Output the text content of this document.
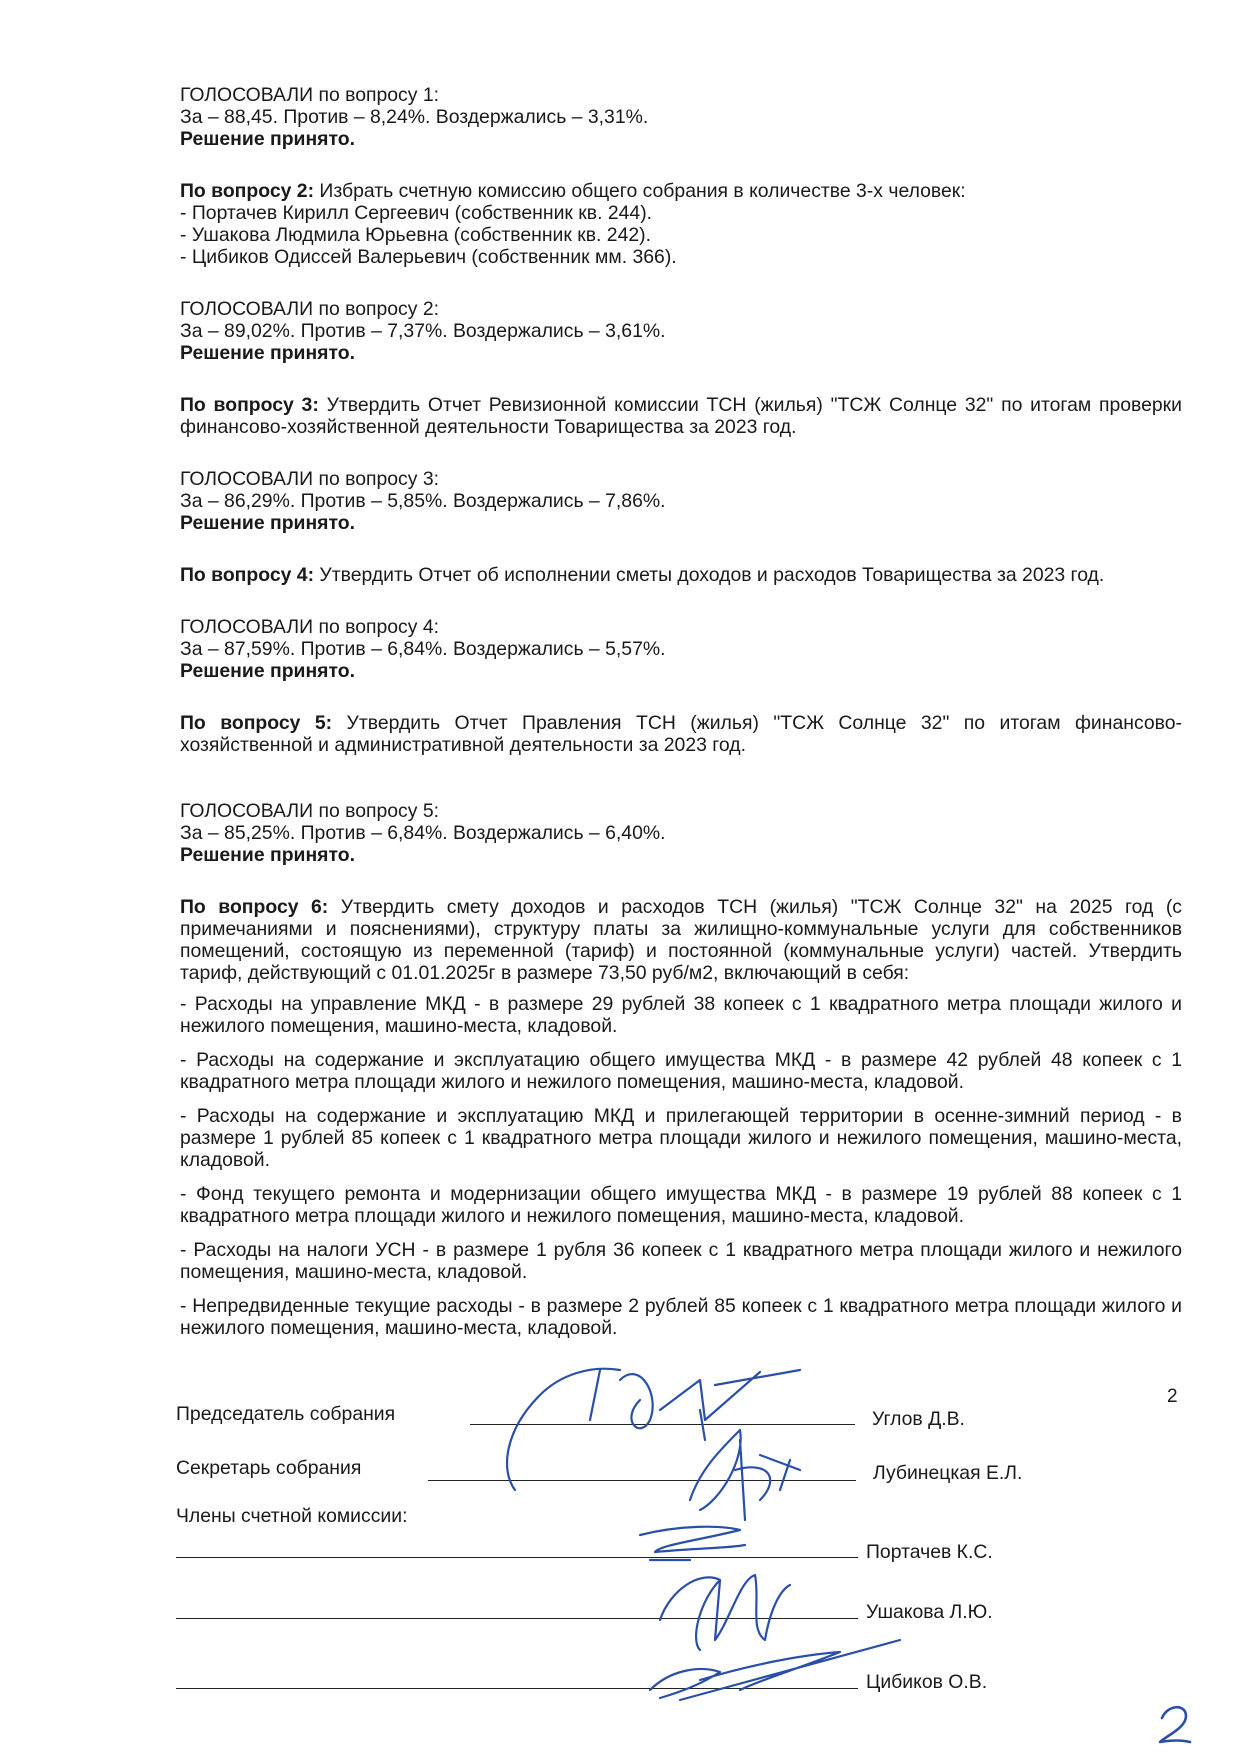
ГОЛОСОВАЛИ по вопросу 1:
За – 88,45. Против – 8,24%. Воздержались – 3,31%.
Решение принято.
По вопросу 2: Избрать счетную комиссию общего собрания в количестве 3-х человек:
- Портачев Кирилл Сергеевич (собственник кв. 244).
- Ушакова Людмила Юрьевна (собственник кв. 242).
- Цибиков Одиссей Валерьевич (собственник мм. 366).
ГОЛОСОВАЛИ по вопросу 2:
За – 89,02%. Против – 7,37%. Воздержались – 3,61%.
Решение принято.
По вопросу 3: Утвердить Отчет Ревизионной комиссии ТСН (жилья) "ТСЖ Солнце 32" по итогам проверки финансово-хозяйственной деятельности Товарищества за 2023 год.
ГОЛОСОВАЛИ по вопросу 3:
За – 86,29%. Против – 5,85%. Воздержались – 7,86%.
Решение принято.
По вопросу 4: Утвердить Отчет об исполнении сметы доходов и расходов Товарищества за 2023 год.
ГОЛОСОВАЛИ по вопросу 4:
За – 87,59%. Против – 6,84%. Воздержались – 5,57%.
Решение принято.
По вопросу 5: Утвердить Отчет Правления ТСН (жилья) "ТСЖ Солнце 32" по итогам финансово-хозяйственной и административной деятельности за 2023 год.
ГОЛОСОВАЛИ по вопросу 5:
За – 85,25%. Против – 6,84%. Воздержались – 6,40%.
Решение принято.
По вопросу 6: Утвердить смету доходов и расходов ТСН (жилья) "ТСЖ Солнце 32" на 2025 год (с примечаниями и пояснениями), структуру платы за жилищно-коммунальные услуги для собственников помещений, состоящую из переменной (тариф) и постоянной (коммунальные услуги) частей. Утвердить тариф, действующий с 01.01.2025г в размере 73,50 руб/м2, включающий в себя:
- Расходы на управление МКД - в размере 29 рублей 38 копеек с 1 квадратного метра площади жилого и нежилого помещения, машино-места, кладовой.
- Расходы на содержание и эксплуатацию общего имущества МКД - в размере 42 рублей 48 копеек с 1 квадратного метра площади жилого и нежилого помещения, машино-места, кладовой.
- Расходы на содержание и эксплуатацию МКД и прилегающей территории в осенне-зимний период - в размере 1 рублей 85 копеек с 1 квадратного метра площади жилого и нежилого помещения, машино-места, кладовой.
- Фонд текущего ремонта и модернизации общего имущества МКД - в размере 19 рублей 88 копеек с 1 квадратного метра площади жилого и нежилого помещения, машино-места, кладовой.
- Расходы на налоги УСН - в размере 1 рубля 36 копеек с 1 квадратного метра площади жилого и нежилого помещения, машино-места, кладовой.
- Непредвиденные текущие расходы - в размере 2 рублей 85 копеек с 1 квадратного метра площади жилого и нежилого помещения, машино-места, кладовой.
2
Председатель собрания	Углов Д.В.
Секретарь собрания	Лубинецкая Е.Л.
Члены счетной комиссии:
Портачев К.С.
Ушакова Л.Ю.
Цибиков О.В.
